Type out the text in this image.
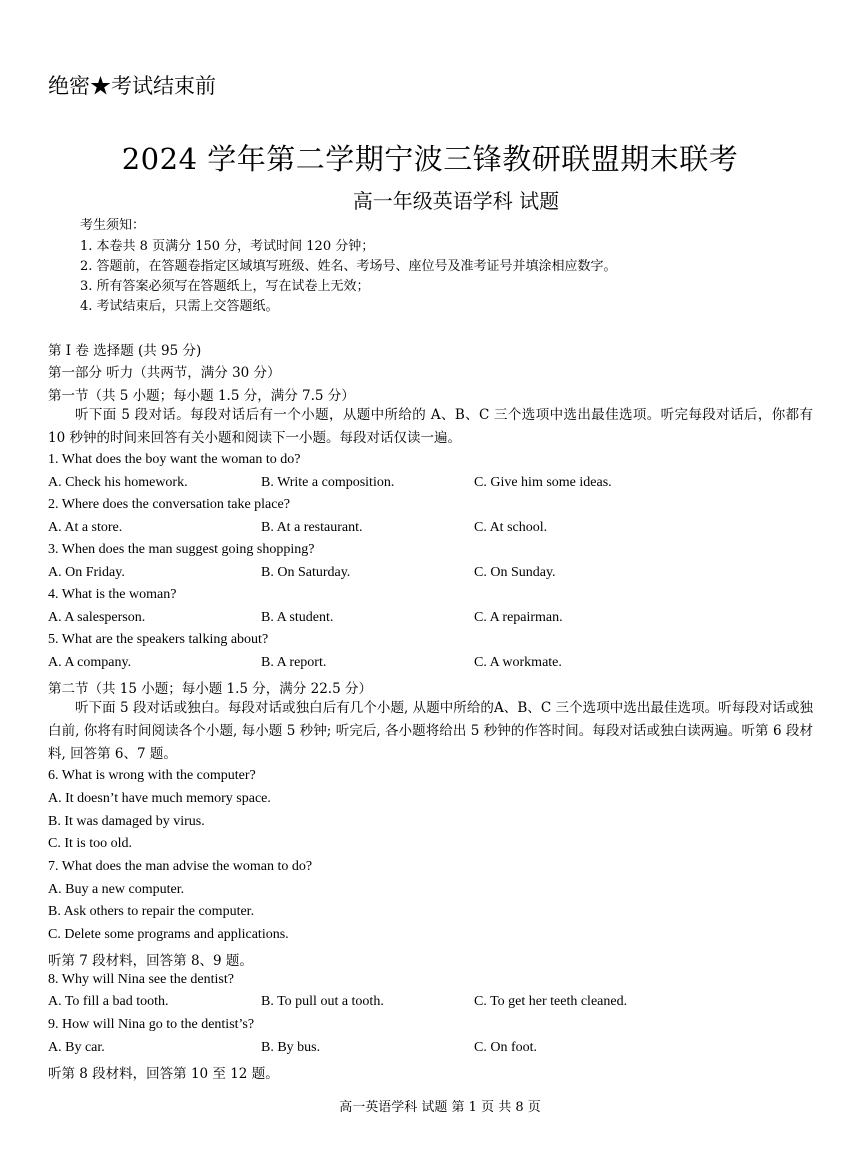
绝密★考试结束前
2024 学年第二学期宁波三锋教研联盟期末联考
高一年级英语学科 试题
考生须知：
1. 本卷共 8 页满分 150 分，考试时间 120 分钟；
2. 答题前，在答题卷指定区域填写班级、姓名、考场号、座位号及准考证号并填涂相应数字。
3. 所有答案必须写在答题纸上，写在试卷上无效；
4. 考试结束后，只需上交答题纸。
第 I 卷 选择题 (共 95 分)
第一部分 听力（共两节，满分 30 分）
第一节（共 5 小题；每小题 1.5 分，满分 7.5 分）
听下面 5 段对话。每段对话后有一个小题，从题中所给的 A、B、C 三个选项中选出最佳选项。听完每段对话后，你都有 10 秒钟的时间来回答有关小题和阅读下一小题。每段对话仅读一遍。
1. What does the boy want the woman to do?
A. Check his homework.	B. Write a composition.	C. Give him some ideas.
2. Where does the conversation take place?
A. At a store.	B. At a restaurant.	C. At school.
3. When does the man suggest going shopping?
A. On Friday.	B. On Saturday.	C. On Sunday.
4. What is the woman?
A. A salesperson.	B. A student.	C. A repairman.
5. What are the speakers talking about?
A. A company.	B. A report.	C. A workmate.
第二节（共 15 小题；每小题 1.5 分，满分 22.5 分）
听下面 5 段对话或独白。每段对话或独白后有几个小题, 从题中所给的A、B、C 三个选项中选出最佳选项。听每段对话或独白前, 你将有时间阅读各个小题, 每小题 5 秒钟; 听完后, 各小题将给出 5 秒钟的作答时间。每段对话或独白读两遍。听第 6 段材料, 回答第 6、7 题。
6. What is wrong with the computer?
A. It doesn’t have much memory space.
B. It was damaged by virus.
C. It is too old.
7. What does the man advise the woman to do?
A. Buy a new computer.
B. Ask others to repair the computer.
C. Delete some programs and applications.
听第 7 段材料，回答第 8、9 题。
8. Why will Nina see the dentist?
A. To fill a bad tooth.	B. To pull out a tooth.	C. To get her teeth cleaned.
9. How will Nina go to the dentist’s?
A. By car.	B. By bus.	C. On foot.
听第 8 段材料，回答第 10 至 12 题。
高一英语学科 试题 第 1 页 共 8 页
